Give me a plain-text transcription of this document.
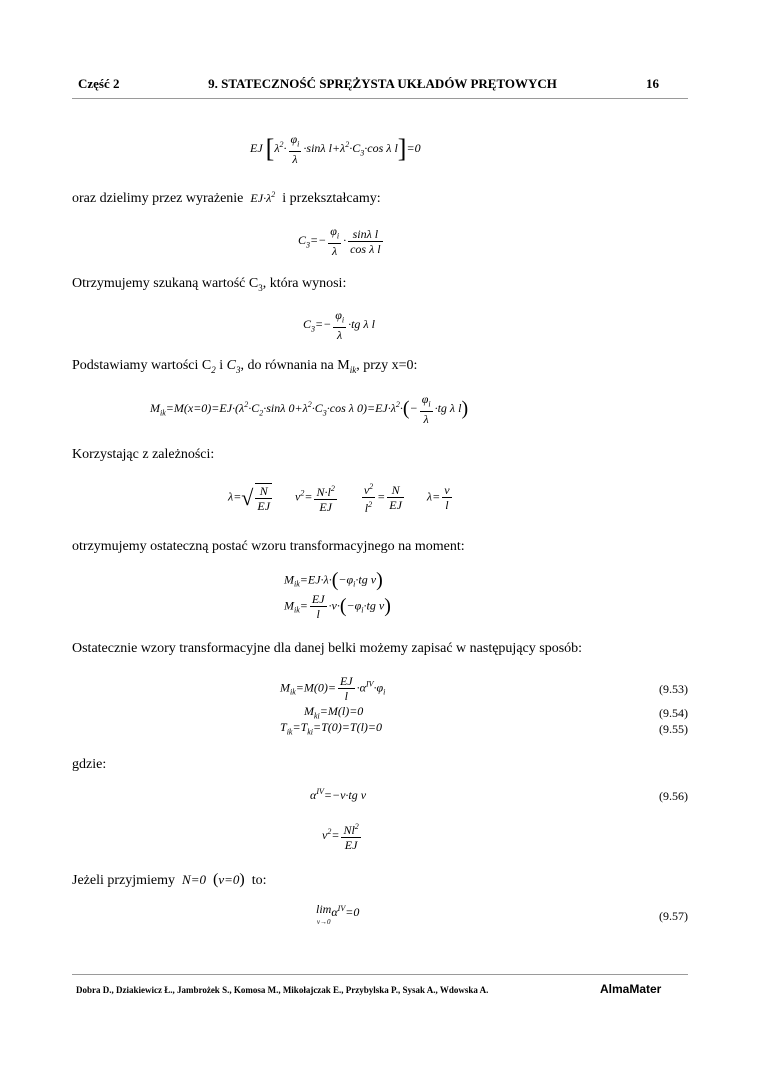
Część 2	9. STATECZNOŚĆ SPRĘŻYSTA UKŁADÓW PRĘTOWYCH	16
EJ [$\lambda^2\cdot \frac{\varphi_i}{\lambda} \cdot\sin\lambda$ $l+\lambda^2\cdot C_3\cdot\cos$ λ l]=0
oraz dzielimy przez wyrażenie $EJ\cdot\lambda^2$ i przekształcamy:
$C_3=- \frac{\varphi_i}{\lambda} \cdot \frac{\text{sinλ l}}{\text{cos λ l}}$
Otrzymujemy szukaną wartość $C_3$, która wynosi:
$C_3=- \frac{\varphi_i}{\lambda} \cdot tg$ λ l
Podstawiamy wartości $C_2$ i $C_3$, do równania na $M_{ik}$, przy x=0:
$M_{ik}=M(x=0)=EJ\cdot(\lambda^2\cdot C_2\cdot\sin\lambda$ $0+\lambda^2\cdot C_3\cdot\cos$ λ $0)=EJ\cdot\lambda^2\cdot(- \frac{\varphi_i}{\lambda} \cdot tg$ λ l)
Korzystając z zależności:
$\lambda=√ \frac{N}{EJ} \nu^2= \frac{N\cdot l^2}{EJ}$
$\frac{\nu^2}{l^2} = \frac{N}{EJ} \lambda= \frac{\nu}{l}$
otrzymujemy ostateczną postać wzoru transformacyjnego na moment:
$M_{ik}=EJ\cdot\lambda\cdot(-\varphi_i\cdot tg$ ν)
$M_{ik}= \frac{EJ}{l} \cdot\nu\cdot(-\varphi_i\cdot tg$ ν)
Ostatecznie wzory transformacyjne dla danej belki możemy zapisać w następujący sposób:
$M_{ik}=M(0)= \frac{EJ}{l} \cdot\alpha^{IV}\cdot\varphi_i$	(9.53)
$M_{ki}=M(l)=0$	(9.54)
$T_{ik}=T_{ki}=T(0)=T(l)=0$	(9.55)
gdzie:
$\alpha^{IV}=-\nu\cdot tg$ ν	(9.56)
$\nu^2= \frac{Nl^2}{EJ}$
Jeżeli przyjmiemy N=0 (ν=0) to:
lim
$\nu\to 0\alpha^{IV}=0$	(9.57)
Dobra D., Dziakiewicz Ł., Jambrożek S., Komosa M., Mikołajczak E., Przybylska P., Sysak A., Wdowska A.	AlmaMater
